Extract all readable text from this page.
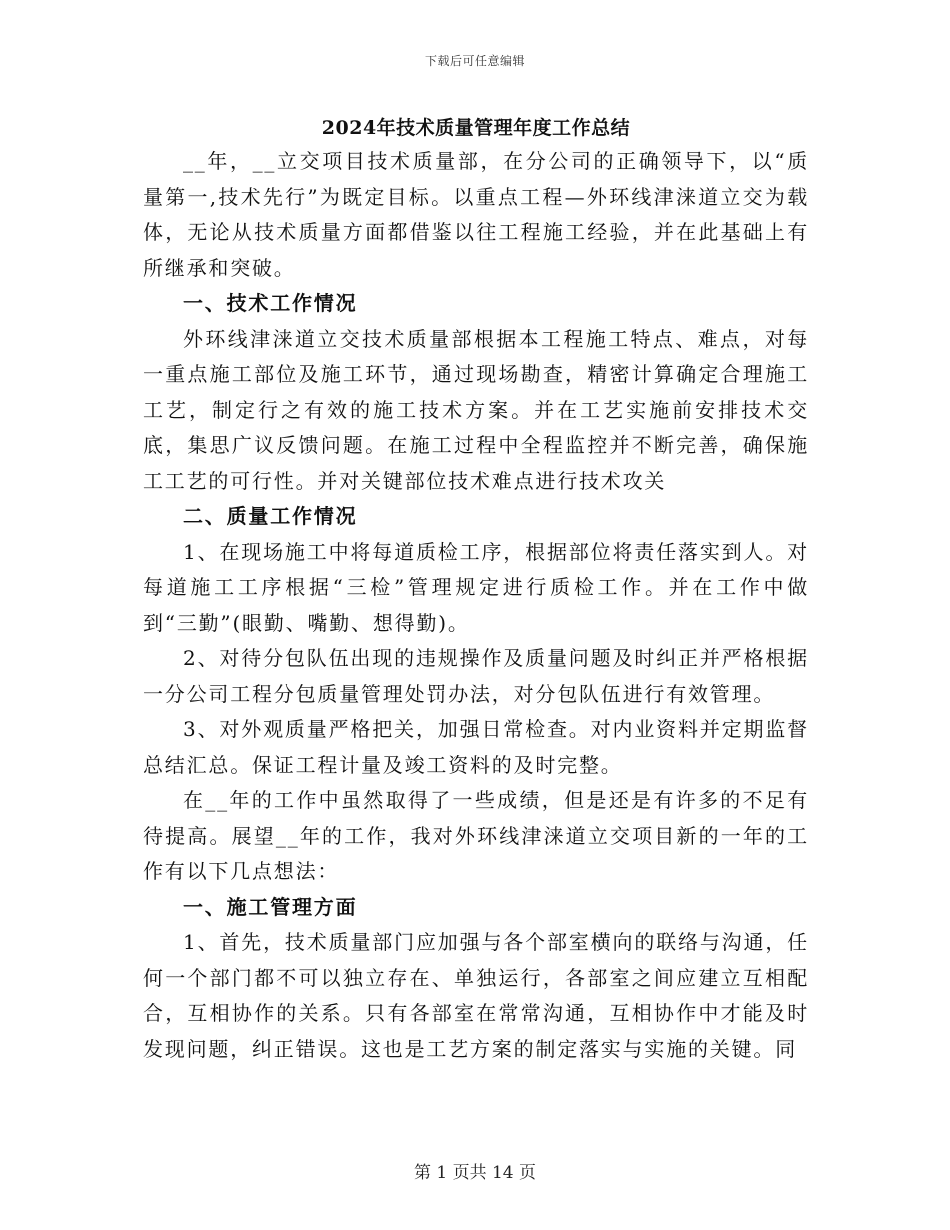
下载后可任意编辑
2024年技术质量管理年度工作总结

__年，__立交项目技术质量部，在分公司的正确领导下，以“质量第一,技术先行”为既定目标。以重点工程—外环线津涞道立交为载体，无论从技术质量方面都借鉴以往工程施工经验，并在此基础上有所继承和突破。

一、技术工作情况

外环线津涞道立交技术质量部根据本工程施工特点、难点，对每一重点施工部位及施工环节，通过现场勘查，精密计算确定合理施工工艺，制定行之有效的施工技术方案。并在工艺实施前安排技术交底，集思广议反馈问题。在施工过程中全程监控并不断完善，确保施工工艺的可行性。并对关键部位技术难点进行技术攻关

二、质量工作情况

1、在现场施工中将每道质检工序，根据部位将责任落实到人。对每道施工工序根据“三检”管理规定进行质检工作。并在工作中做到“三勤”(眼勤、嘴勤、想得勤)。

2、对待分包队伍出现的违规操作及质量问题及时纠正并严格根据一分公司工程分包质量管理处罚办法，对分包队伍进行有效管理。

3、对外观质量严格把关，加强日常检查。对内业资料并定期监督总结汇总。保证工程计量及竣工资料的及时完整。

在__年的工作中虽然取得了一些成绩，但是还是有许多的不足有待提高。展望__年的工作，我对外环线津涞道立交项目新的一年的工作有以下几点想法：

一、施工管理方面

1、首先，技术质量部门应加强与各个部室横向的联络与沟通，任何一个部门都不可以独立存在、单独运行，各部室之间应建立互相配合，互相协作的关系。只有各部室在常常沟通，互相协作中才能及时发现问题，纠正错误。这也是工艺方案的制定落实与实施的关键。同

第 1 页共 14 页
